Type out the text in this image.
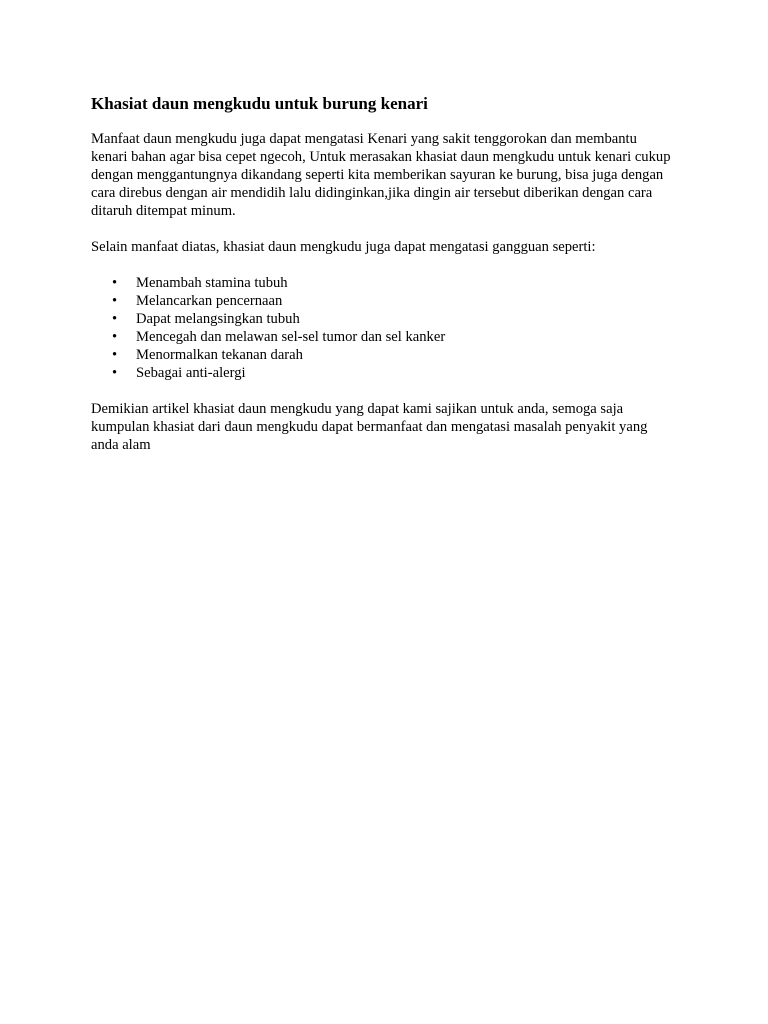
Khasiat daun mengkudu untuk burung kenari

Manfaat daun mengkudu juga dapat mengatasi Kenari yang sakit tenggorokan dan membantu kenari bahan agar bisa cepet ngecoh, Untuk merasakan khasiat daun mengkudu untuk kenari cukup dengan menggantungnya dikandang seperti kita memberikan sayuran ke burung, bisa juga dengan cara direbus dengan air mendidih lalu didinginkan,jika dingin air tersebut diberikan dengan cara ditaruh ditempat minum.

Selain manfaat diatas, khasiat daun mengkudu juga dapat mengatasi gangguan seperti:

• Menambah stamina tubuh
• Melancarkan pencernaan
• Dapat melangsingkan tubuh
• Mencegah dan melawan sel-sel tumor dan sel kanker
• Menormalkan tekanan darah
• Sebagai anti-alergi

Demikian artikel khasiat daun mengkudu yang dapat kami sajikan untuk anda, semoga saja kumpulan khasiat dari daun mengkudu dapat bermanfaat dan mengatasi masalah penyakit yang anda alam
